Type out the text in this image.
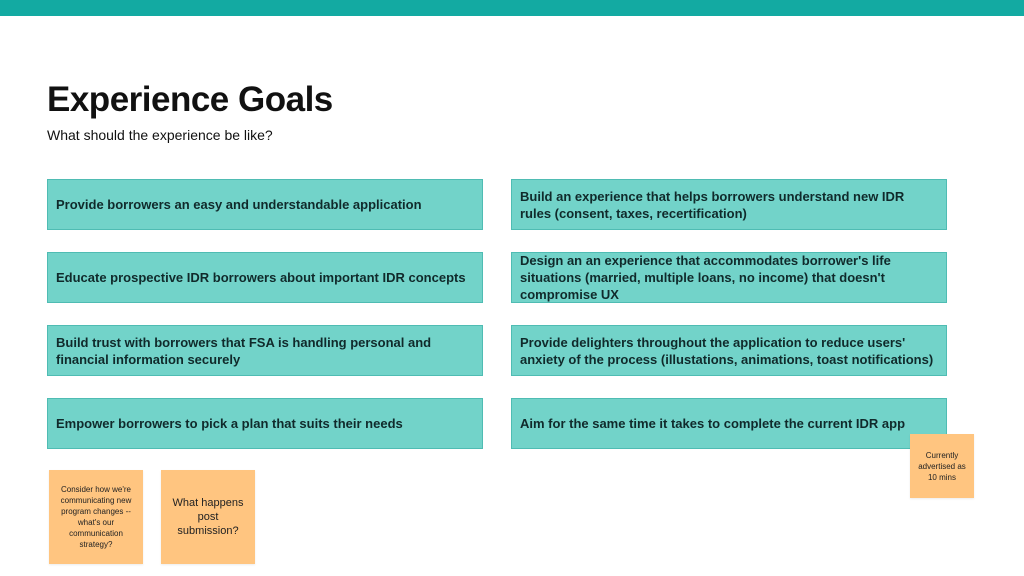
Experience Goals

What should the experience be like?

Provide borrowers an easy and understandable application
Educate prospective IDR borrowers about important IDR concepts
Build trust with borrowers that FSA is handling personal and financial information securely
Empower borrowers to pick a plan that suits their needs
Build an experience that helps borrowers understand new IDR rules (consent, taxes, recertification)
Design an an experience that accommodates borrower's life situations (married, multiple loans, no income) that doesn't compromise UX
Provide delighters throughout the application to reduce users' anxiety of the process (illustations, animations, toast notifications)
Aim for the same time it takes to complete the current IDR app
Consider how we're communicating new program changes --what's our communication strategy?
What happens post submission?
Currently advertised as 10 mins
